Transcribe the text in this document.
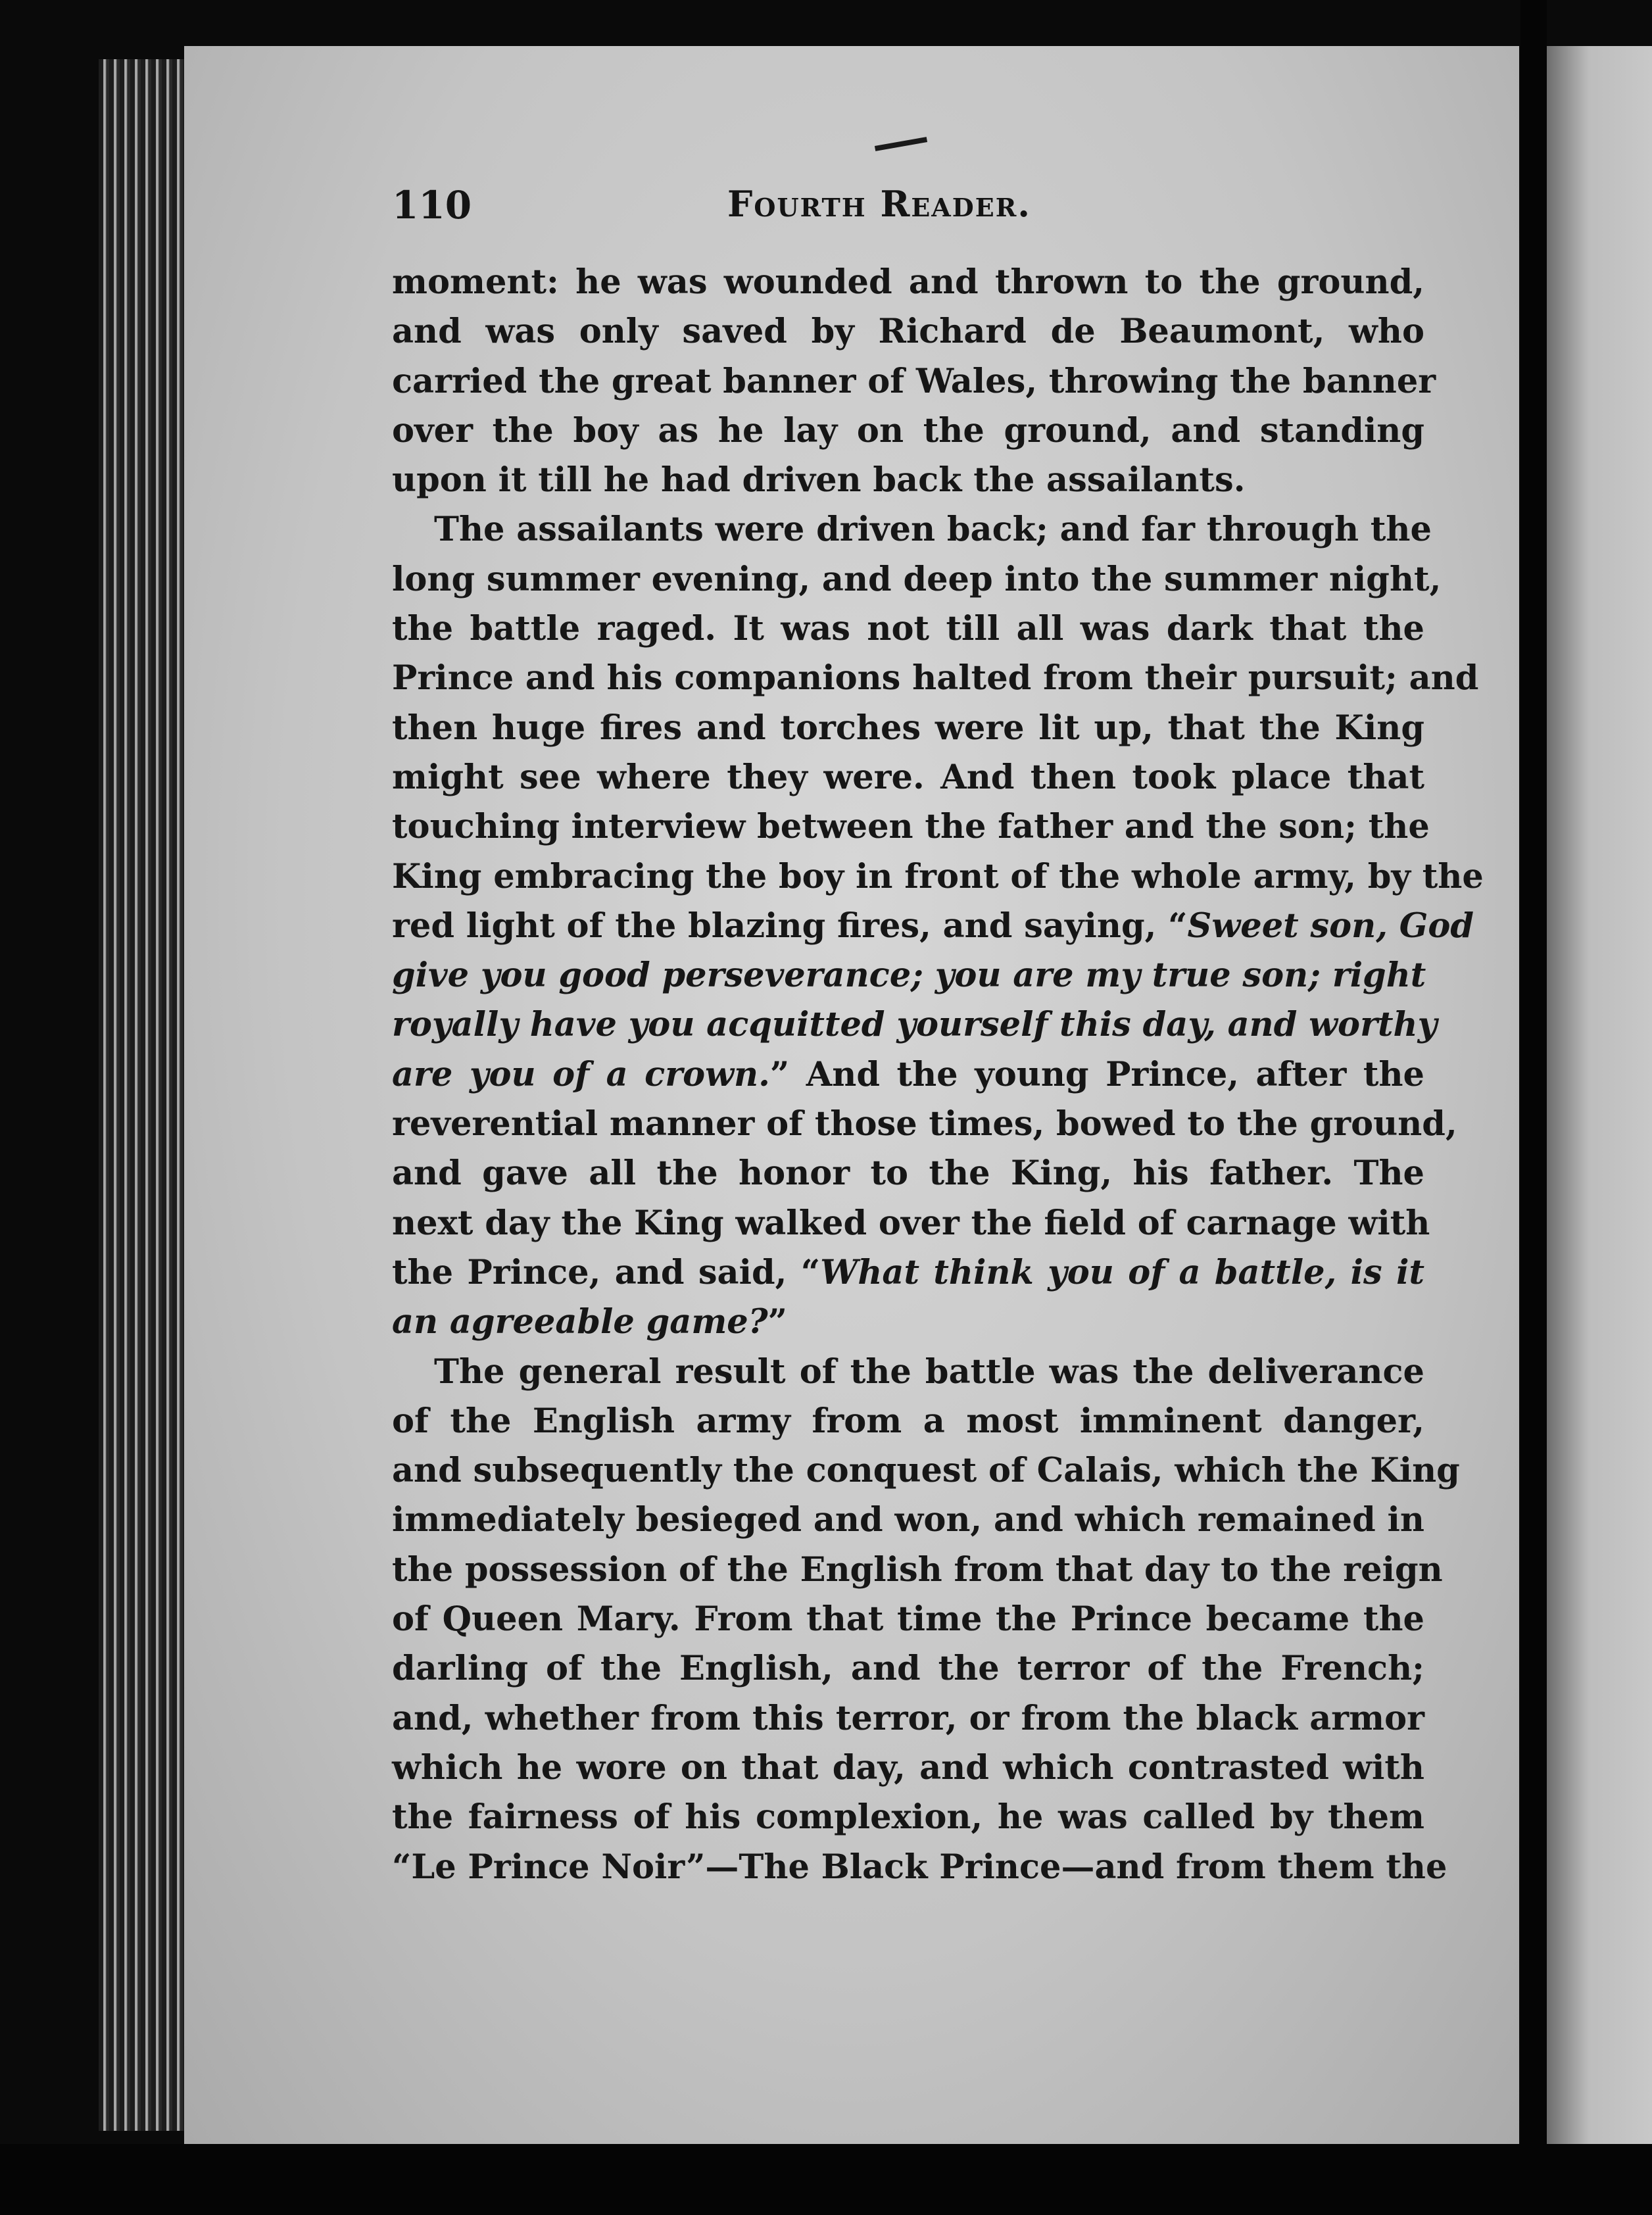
110	Fourth Reader.
moment: he was wounded and thrown to the ground,
and was only saved by Richard de Beaumont, who
carried the great banner of Wales, throwing the banner
over the boy as he lay on the ground, and standing
upon it till he had driven back the assailants.
The assailants were driven back; and far through the
long summer evening, and deep into the summer night,
the battle raged. It was not till all was dark that the
Prince and his companions halted from their pursuit; and
then huge fires and torches were lit up, that the King
might see where they were. And then took place that
touching interview between the father and the son; the
King embracing the boy in front of the whole army, by the
red light of the blazing fires, and saying, “Sweet son, God
give you good perseverance; you are my true son; right
royally have you acquitted yourself this day, and worthy
are you of a crown.” And the young Prince, after the
reverential manner of those times, bowed to the ground,
and gave all the honor to the King, his father. The
next day the King walked over the field of carnage with
the Prince, and said, “What think you of a battle, is it
an agreeable game?”
The general result of the battle was the deliverance
of the English army from a most imminent danger,
and subsequently the conquest of Calais, which the King
immediately besieged and won, and which remained in
the possession of the English from that day to the reign
of Queen Mary. From that time the Prince became the
darling of the English, and the terror of the French;
and, whether from this terror, or from the black armor
which he wore on that day, and which contrasted with
the fairness of his complexion, he was called by them
“Le Prince Noir”—The Black Prince—and from them the
